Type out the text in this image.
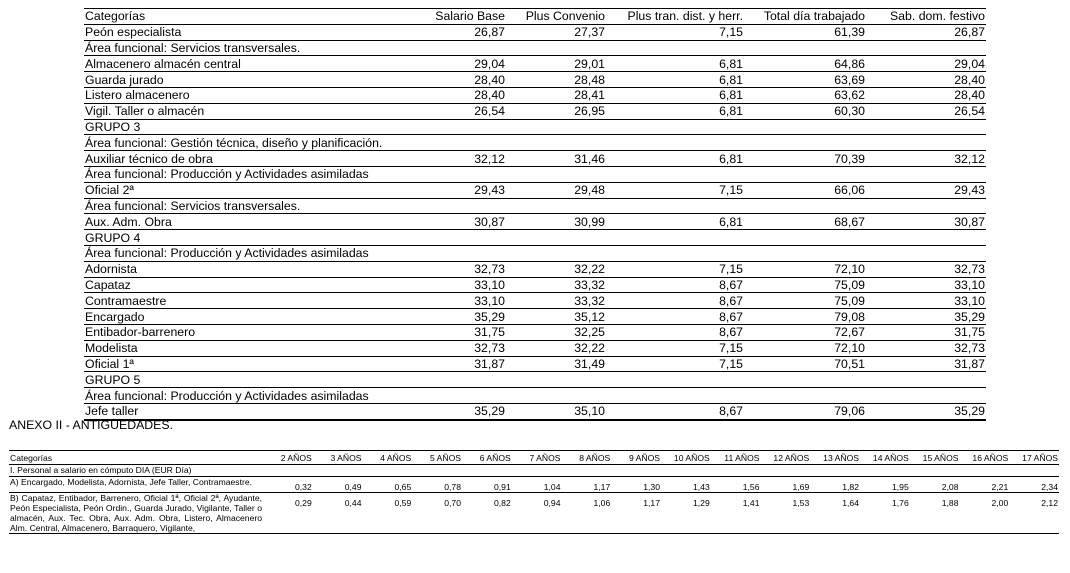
Categorías	Salario Base	Plus Convenio	Plus tran. dist. y herr.	Total día trabajado	Sab. dom. festivo
Peón especialista	26,87	27,37	7,15	61,39	26,87
Área funcional: Servicios transversales.					
Almacenero almacén central	29,04	29,01	6,81	64,86	29,04
Guarda jurado	28,40	28,48	6,81	63,69	28,40
Listero almacenero	28,40	28,41	6,81	63,62	28,40
Vigil. Taller o almacén	26,54	26,95	6,81	60,30	26,54
GRUPO 3					
Área funcional: Gestión técnica, diseño y planificación.					
Auxiliar técnico de obra	32,12	31,46	6,81	70,39	32,12
Área funcional: Producción y Actividades asimiladas					
Oficial 2ª	29,43	29,48	7,15	66,06	29,43
Área funcional: Servicios transversales.					
Aux. Adm. Obra	30,87	30,99	6,81	68,67	30,87
GRUPO 4					
Área funcional: Producción y Actividades asimiladas					
Adornista	32,73	32,22	7,15	72,10	32,73
Capataz	33,10	33,32	8,67	75,09	33,10
Contramaestre	33,10	33,32	8,67	75,09	33,10
Encargado	35,29	35,12	8,67	79,08	35,29
Entibador-barrenero	31,75	32,25	8,67	72,67	31,75
Modelista	32,73	32,22	7,15	72,10	32,73
Oficial 1ª	31,87	31,49	7,15	70,51	31,87
GRUPO 5					
Área funcional: Producción y Actividades asimiladas					
Jefe taller	35,29	35,10	8,67	79,06	35,29
ANEXO II - ANTIGÜEDADES.
Categorías	2 AÑOS	3 AÑOS	4 AÑOS	5 AÑOS	6 AÑOS	7 AÑOS	8 AÑOS	9 AÑOS	10 AÑOS	11 AÑOS	12 AÑOS	13 AÑOS	14 AÑOS	15 AÑOS	16 AÑOS	17 AÑOS
I. Personal a salario en cómputo DIA (EUR Día)																
A) Encargado, Modelista, Adornista, Jefe Taller, Contramaestre.	0,32	0,49	0,65	0,78	0,91	1,04	1,17	1,30	1,43	1,56	1,69	1,82	1,95	2,08	2,21	2,34
B) Capataz, Entibador, Barrenero, Oficial 1ª, Oficial 2ª, Ayudante, Peón Especialista, Peón Ordin., Guarda Jurado, Vigilante, Taller o almacén, Aux. Tec. Obra, Aux. Adm. Obra, Listero, Almacenero Alm. Central, Almacenero, Barraquero, Vigilante,	0,29	0,44	0,59	0,70	0,82	0,94	1,06	1,17	1,29	1,41	1,53	1,64	1,76	1,88	2,00	2,12
